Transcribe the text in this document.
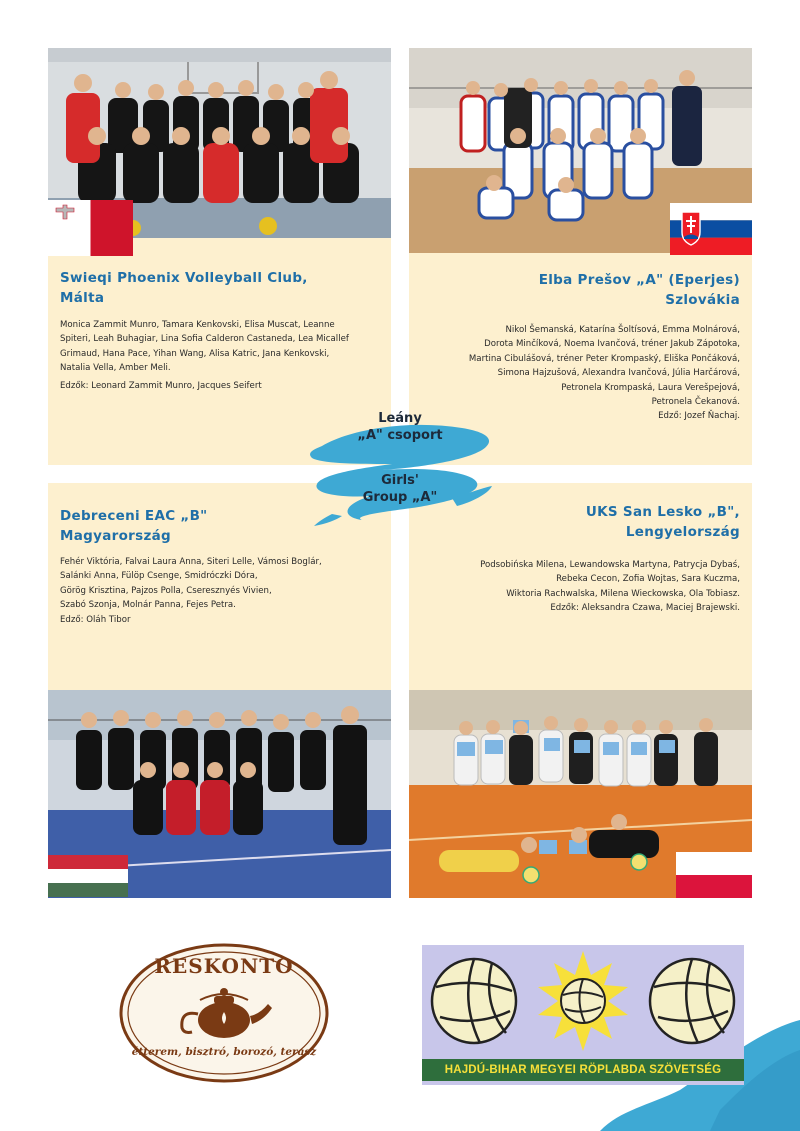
Swieqi Phoenix Volleyball Club,
Málta
Monica Zammit Munro, Tamara Kenkovski, Elisa Muscat, Leanne
Spiteri, Leah Buhagiar, Lina Sofia Calderon Castaneda, Lea Micallef
Grimaud, Hana Pace, Yihan Wang, Alisa Katric, Jana Kenkovski,
Natalia Vella, Amber Meli.
Edzők: Leonard Zammit Munro, Jacques Seifert
Elba Prešov „A" (Eperjes)
Szlovákia
Nikol Šemanská, Katarína Šoltísová, Emma Molnárová,
Dorota Minčíková, Noema Ivančová, tréner Jakub Zápotoka,
Martina Cibulášová, tréner Peter Krompaský, Eliška Pončáková,
Simona Hajzušová, Alexandra Ivančová, Júlia Harčárová,
Petronela Krompaská, Laura Verešpejová,
Petronela Čekanová.
Edző: Jozef Ňachaj.
Debreceni EAC „B"
Magyarország
Fehér Viktória, Falvai Laura Anna, Siteri Lelle, Vámosi Boglár,
Salánki Anna, Fülöp Csenge, Smidróczki Dóra,
Görög Krisztina, Pajzos Polla, Cseresznyés Vivien,
Szabó Szonja, Molnár Panna, Fejes Petra.
Edző: Oláh Tibor
UKS San Lesko „B",
Lengyelország
Podsobińska Milena, Lewandowska Martyna, Patrycja Dybaś,
Rebeka Cecon, Zofia Wojtas, Sara Kuczma,
Wiktoria Rachwalska, Milena Wieckowska, Ola Tobiasz.
Edzők: Aleksandra Czawa, Maciej Brajewski.
Leány
„A" csoport
Girls'
Group „A"
RESKONTO
étterem, bisztró, borozó, terasz
HAJDÚ-BIHAR MEGYEI RÖPLABDA SZÖVETSÉG
